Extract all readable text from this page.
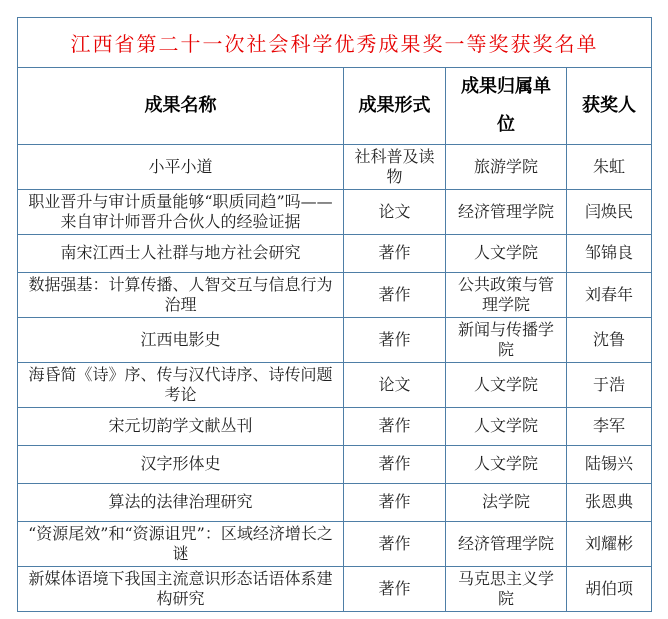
江西省第二十一次社会科学优秀成果奖一等奖获奖名单			
成果名称	成果形式	成果归属单位	获奖人
小平小道	社科普及读物	旅游学院	朱虹
职业晋升与审计质量能够“职质同趋”吗——来自审计师晋升合伙人的经验证据	论文	经济管理学院	闫焕民
南宋江西士人社群与地方社会研究	著作	人文学院	邹锦良
数据强基：计算传播、人智交互与信息行为治理	著作	公共政策与管理学院	刘春年
江西电影史	著作	新闻与传播学院	沈鲁
海昏简《诗》序、传与汉代诗序、诗传问题考论	论文	人文学院	于浩
宋元切韵学文献丛刊	著作	人文学院	李军
汉字形体史	著作	人文学院	陆锡兴
算法的法律治理研究	著作	法学院	张恩典
“资源尾效”和“资源诅咒”：区域经济增长之谜	著作	经济管理学院	刘耀彬
新媒体语境下我国主流意识形态话语体系建构研究	著作	马克思主义学院	胡伯项
